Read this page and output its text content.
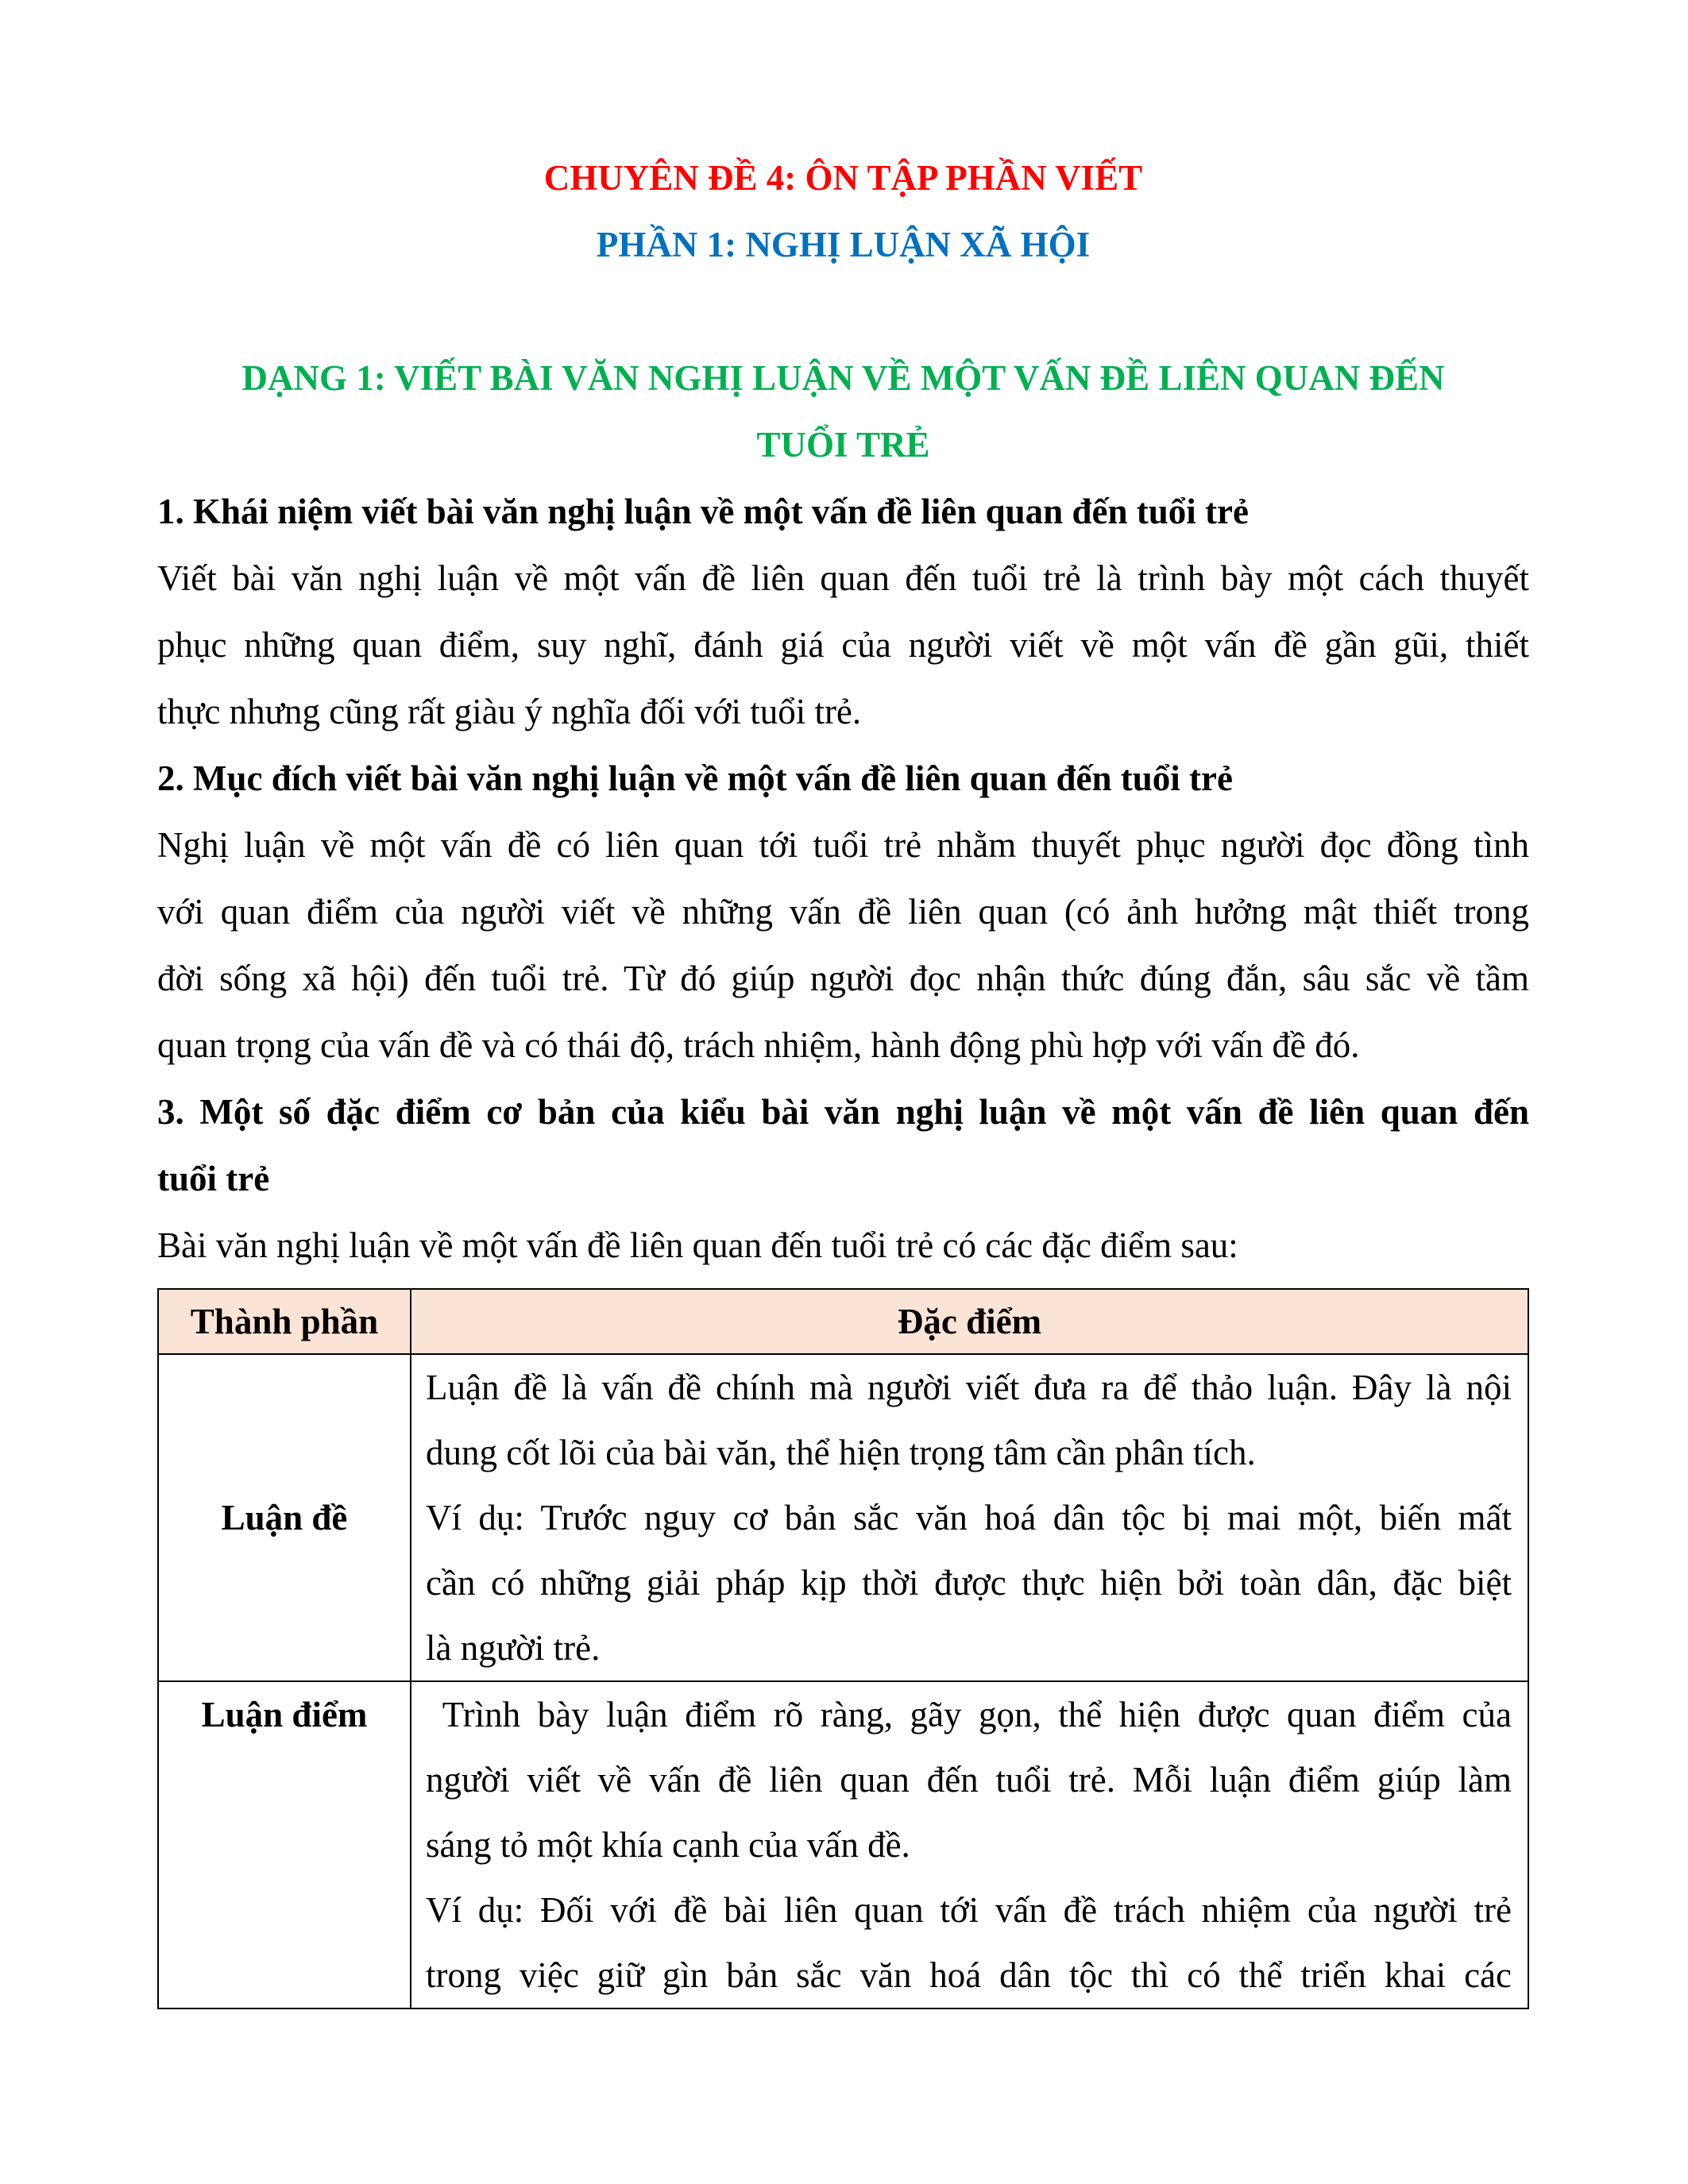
CHUYÊN ĐỀ 4: ÔN TẬP PHẦN VIẾT
PHẦN 1: NGHỊ LUẬN XÃ HỘI
DẠNG 1: VIẾT BÀI VĂN NGHỊ LUẬN VỀ MỘT VẤN ĐỀ LIÊN QUAN ĐẾN
TUỔI TRẺ
1. Khái niệm viết bài văn nghị luận về một vấn đề liên quan đến tuổi trẻ
Viết bài văn nghị luận về một vấn đề liên quan đến tuổi trẻ là trình bày một cách thuyết
phục những quan điểm, suy nghĩ, đánh giá của người viết về một vấn đề gần gũi, thiết
thực nhưng cũng rất giàu ý nghĩa đối với tuổi trẻ.
2. Mục đích viết bài văn nghị luận về một vấn đề liên quan đến tuổi trẻ
Nghị luận về một vấn đề có liên quan tới tuổi trẻ nhằm thuyết phục người đọc đồng tình
với quan điểm của người viết về những vấn đề liên quan (có ảnh hưởng mật thiết trong
đời sống xã hội) đến tuổi trẻ. Từ đó giúp người đọc nhận thức đúng đắn, sâu sắc về tầm
quan trọng của vấn đề và có thái độ, trách nhiệm, hành động phù hợp với vấn đề đó.
3. Một số đặc điểm cơ bản của kiểu bài văn nghị luận về một vấn đề liên quan đến
tuổi trẻ
Bài văn nghị luận về một vấn đề liên quan đến tuổi trẻ có các đặc điểm sau:
Thành phần	Đặc điểm
Luận đề	Luận đề là vấn đề chính mà người viết đưa ra để thảo luận. Đây là nội
dung cốt lõi của bài văn, thể hiện trọng tâm cần phân tích.
Ví dụ: Trước nguy cơ bản sắc văn hoá dân tộc bị mai một, biến mất
cần có những giải pháp kịp thời được thực hiện bởi toàn dân, đặc biệt
là người trẻ.

Luận điểm	Trình bày luận điểm rõ ràng, gãy gọn, thể hiện được quan điểm của
người viết về vấn đề liên quan đến tuổi trẻ. Mỗi luận điểm giúp làm
sáng tỏ một khía cạnh của vấn đề.
Ví dụ: Đối với đề bài liên quan tới vấn đề trách nhiệm của người trẻ
trong việc giữ gìn bản sắc văn hoá dân tộc thì có thể triển khai các
